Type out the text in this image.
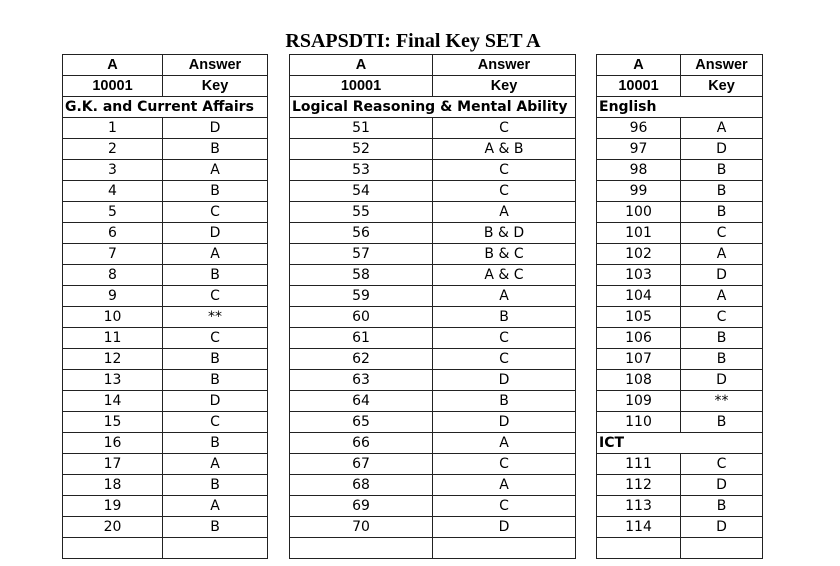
RSAPSDTI: Final Key SET A
A	Answer
10001	Key
G.K. and Current Affairs	
1	D
2	B
3	A
4	B
5	C
6	D
7	A
8	B
9	C
10	**
11	C
12	B
13	B
14	D
15	C
16	B
17	A
18	B
19	A
20	B

A	Answer
10001	Key
Logical Reasoning & Mental Ability	
51	C
52	A & B
53	C
54	C
55	A
56	B & D
57	B & C
58	A & C
59	A
60	B
61	C
62	C
63	D
64	B
65	D
66	A
67	C
68	A
69	C
70	D

A	Answer
10001	Key
English	
96	A
97	D
98	B
99	B
100	B
101	C
102	A
103	D
104	A
105	C
106	B
107	B
108	D
109	**
110	B
ICT	
111	C
112	D
113	B
114	D
